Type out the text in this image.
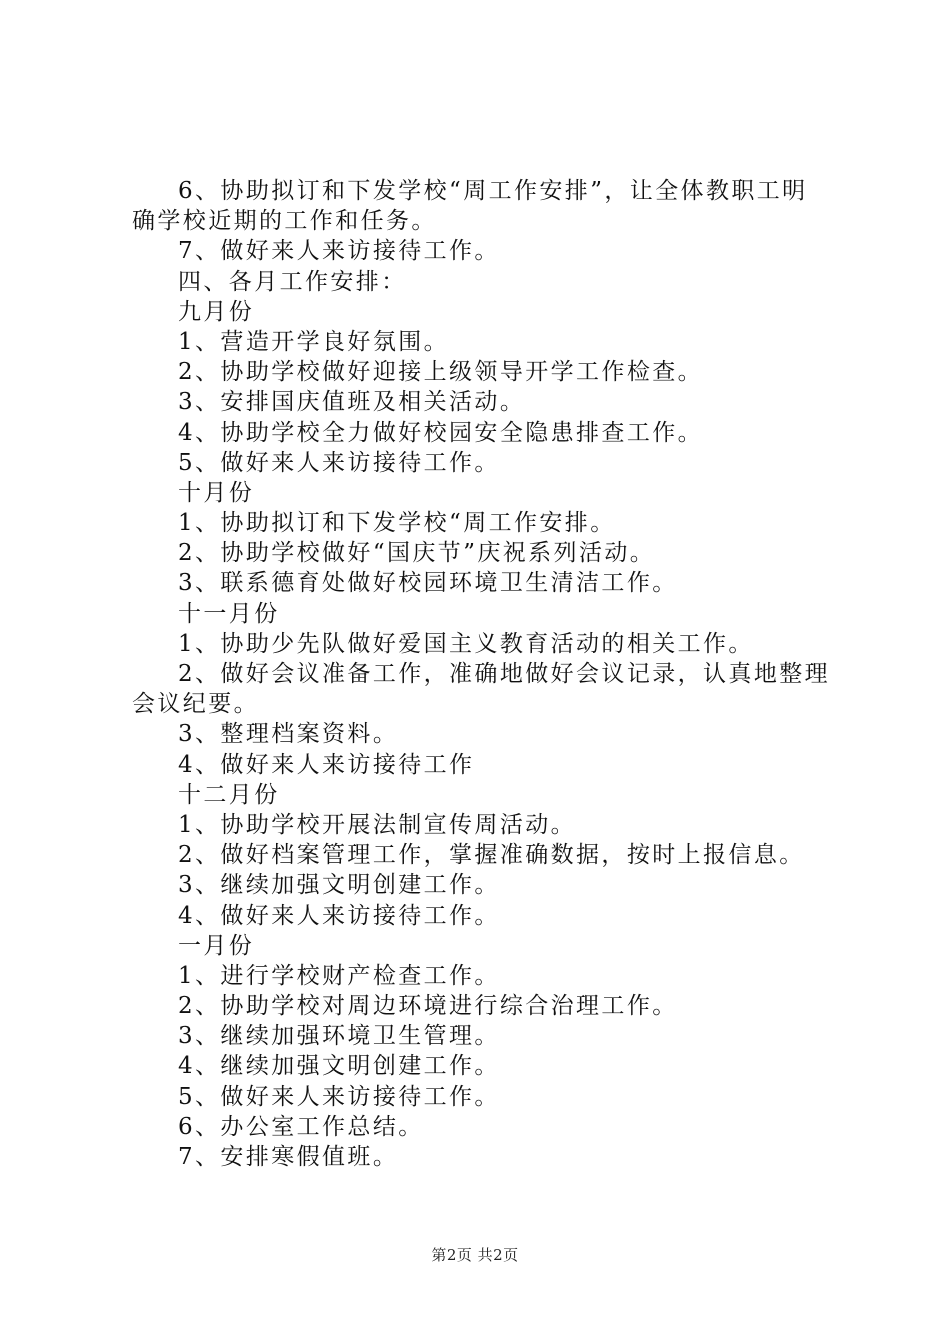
6、协助拟订和下发学校“周工作安排”，让全体教职工明
确学校近期的工作和任务。
7、做好来人来访接待工作。
四、各月工作安排：
九月份
1、营造开学良好氛围。
2、协助学校做好迎接上级领导开学工作检查。
3、安排国庆值班及相关活动。
4、协助学校全力做好校园安全隐患排查工作。
5、做好来人来访接待工作。
十月份
1、协助拟订和下发学校“周工作安排。
2、协助学校做好“国庆节”庆祝系列活动。
3、联系德育处做好校园环境卫生清洁工作。
十一月份
1、协助少先队做好爱国主义教育活动的相关工作。
2、做好会议准备工作，准确地做好会议记录，认真地整理
会议纪要。
3、整理档案资料。
4、做好来人来访接待工作
十二月份
1、协助学校开展法制宣传周活动。
2、做好档案管理工作，掌握准确数据，按时上报信息。
3、继续加强文明创建工作。
4、做好来人来访接待工作。
一月份
1、进行学校财产检查工作。
2、协助学校对周边环境进行综合治理工作。
3、继续加强环境卫生管理。
4、继续加强文明创建工作。
5、做好来人来访接待工作。
6、办公室工作总结。
7、安排寒假值班。
第2页 共2页
